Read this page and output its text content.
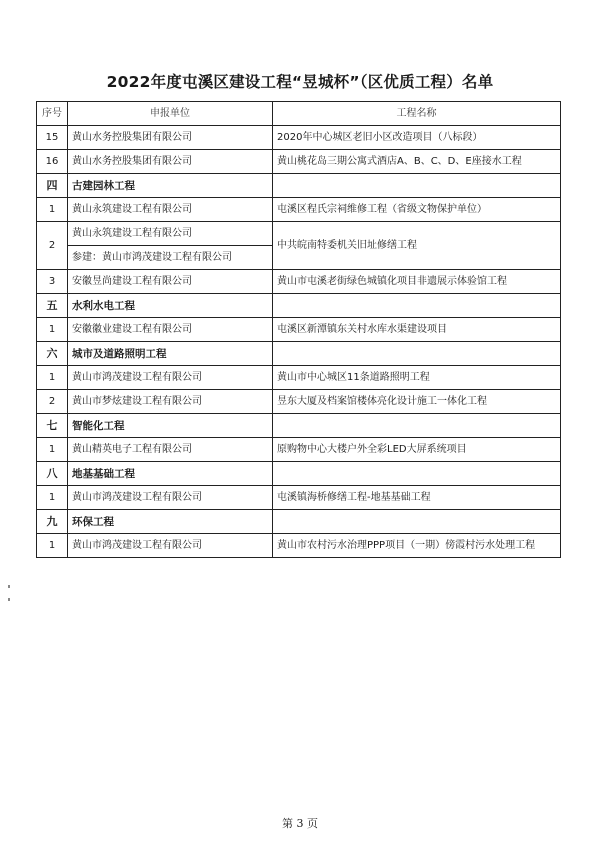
2022年度屯溪区建设工程“昱城杯”（区优质工程）名单
序号	申报单位	工程名称
15	黄山水务控股集团有限公司	2020年中心城区老旧小区改造项目（八标段）
16	黄山水务控股集团有限公司	黄山桃花岛三期公寓式酒店A、B、C、D、E座接水工程
四	古建园林工程	
1	黄山永筑建设工程有限公司	屯溪区程氏宗祠维修工程（省级文物保护单位）
2	黄山永筑建设工程有限公司	中共皖南特委机关旧址修缮工程
	参建：黄山市鸿茂建设工程有限公司	
3	安徽昱尚建设工程有限公司	黄山市屯溪老街绿色城镇化项目非遗展示体验馆工程
五	水利水电工程	
1	安徽徽业建设工程有限公司	屯溪区新潭镇东关村水库水渠建设项目
六	城市及道路照明工程	
1	黄山市鸿茂建设工程有限公司	黄山市中心城区11条道路照明工程
2	黄山市梦炫建设工程有限公司	昱东大厦及档案馆楼体亮化设计施工一体化工程
七	智能化工程	
1	黄山精英电子工程有限公司	原购物中心大楼户外全彩LED大屏系统项目
八	地基基础工程	
1	黄山市鸿茂建设工程有限公司	屯溪镇海桥修缮工程-地基基础工程
九	环保工程	
1	黄山市鸿茂建设工程有限公司	黄山市农村污水治理PPP项目（一期）傍霞村污水处理工程
第 3 页
